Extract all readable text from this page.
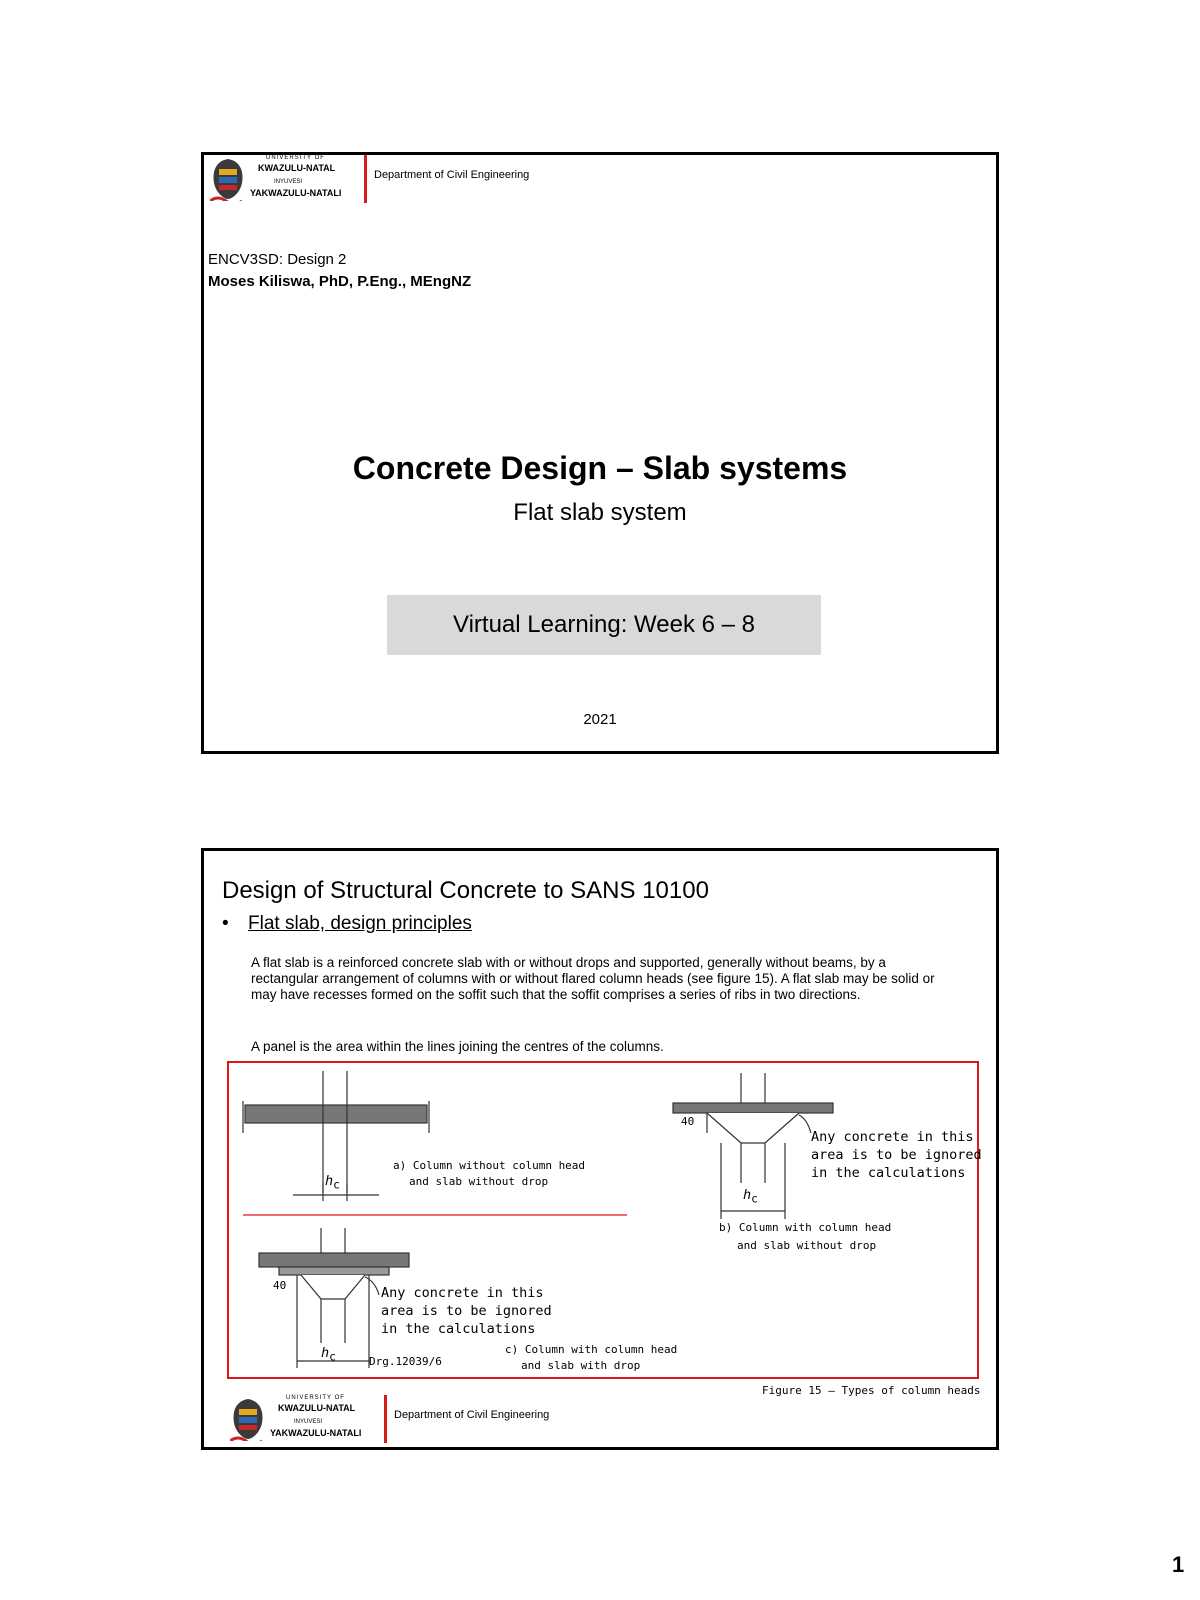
UNIVERSITY OF
KWAZULU-NATAL
INYUVESI
YAKWAZULU-NATALI
Department of Civil Engineering
ENCV3SD: Design 2
Moses Kiliswa, PhD, P.Eng., MEngNZ
Concrete Design – Slab systems
Flat slab system
Virtual Learning: Week 6 – 8
2021
Design of Structural Concrete to SANS 10100
• Flat slab, design principles
A flat slab is a reinforced concrete slab with or without drops and supported, generally without beams, by a rectangular arrangement of columns with or without flared column heads (see figure 15). A flat slab may be solid or may have recesses formed on the soffit such that the soffit comprises a series of ribs in two directions.
A panel is the area within the lines joining the centres of the columns.
a) Column without column head
and slab without drop
$h_c$
b) Column with column head
and slab without drop
Any concrete in this
area is to be ignored
in the calculations
40
$h_c$
Any concrete in this
area is to be ignored
in the calculations
40
$h_c$	Drg.12039/6
c) Column with column head
and slab with drop
Figure 15 — Types of column heads
UNIVERSITY OF
KWAZULU-NATAL
INYUVESI
YAKWAZULU-NATALI
Department of Civil Engineering
1
